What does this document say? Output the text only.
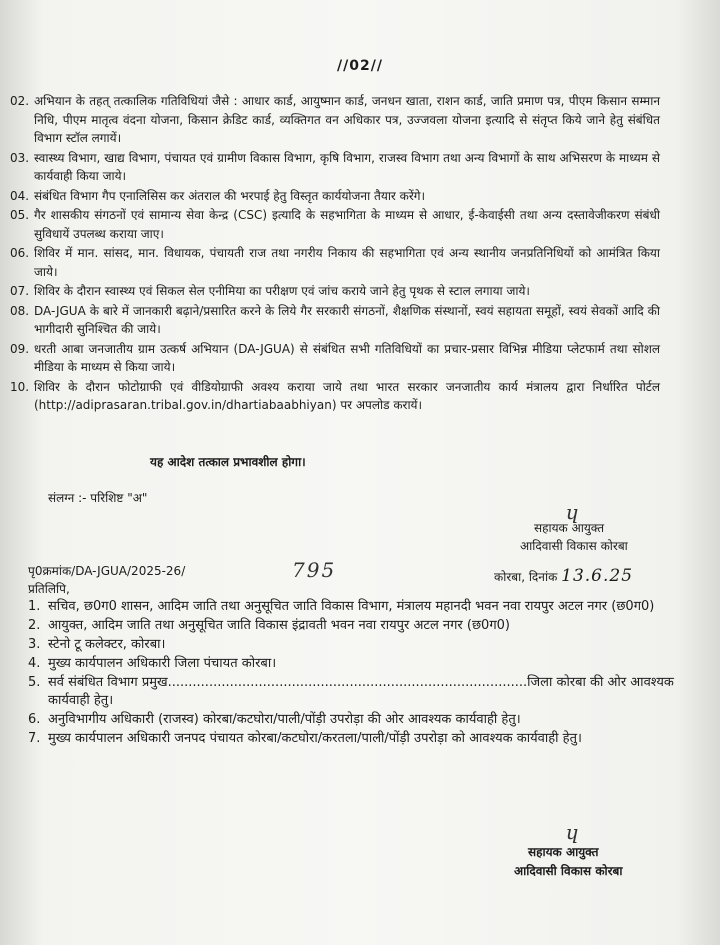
//02//
02. अभियान के तहत् तत्कालिक गतिविधियां जैसे : आधार कार्ड, आयुष्मान कार्ड, जनधन खाता, राशन कार्ड, जाति प्रमाण पत्र, पीएम किसान सम्मान निधि, पीएम मातृत्व वंदना योजना, किसान क्रेडिट कार्ड, व्यक्तिगत वन अधिकार पत्र, उज्जवला योजना इत्यादि से संतृप्त किये जाने हेतु संबंधित विभाग स्टॉल लगायें।
03. स्वास्थ्य विभाग, खाद्य विभाग, पंचायत एवं ग्रामीण विकास विभाग, कृषि विभाग, राजस्व विभाग तथा अन्य विभागों के साथ अभिसरण के माध्यम से कार्यवाही किया जाये।
04. संबंधित विभाग गैप एनालिसिस कर अंतराल की भरपाई हेतु विस्तृत कार्ययोजना तैयार करेंगे।
05. गैर शासकीय संगठनों एवं सामान्य सेवा केन्द्र (CSC) इत्यादि के सहभागिता के माध्यम से आधार, ई-केवाईसी तथा अन्य दस्तावेजीकरण संबंधी सुविधायें उपलब्ध कराया जाए।
06. शिविर में मान. सांसद, मान. विधायक, पंचायती राज तथा नगरीय निकाय की सहभागिता एवं अन्य स्थानीय जनप्रतिनिधियों को आमंत्रित किया जाये।
07. शिविर के दौरान स्वास्थ्य एवं सिकल सेल एनीमिया का परीक्षण एवं जांच कराये जाने हेतु पृथक से स्टाल लगाया जाये।
08. DA-JGUA के बारे में जानकारी बढ़ाने/प्रसारित करने के लिये गैर सरकारी संगठनों, शैक्षणिक संस्थानों, स्वयं सहायता समूहों, स्वयं सेवकों आदि की भागीदारी सुनिश्चित की जाये।
09. धरती आबा जनजातीय ग्राम उत्कर्ष अभियान (DA-JGUA) से संबंधित सभी गतिविधियों का प्रचार-प्रसार विभिन्न मीडिया प्लेटफार्म तथा सोशल मीडिया के माध्यम से किया जाये।
10. शिविर के दौरान फोटोग्राफी एवं वीडियोग्राफी अवश्य कराया जाये तथा भारत सरकार जनजातीय कार्य मंत्रालय द्वारा निर्धारित पोर्टल (http://adiprasaran.tribal.gov.in/dhartiabaabhiyan) पर अपलोड करायें।
यह आदेश तत्काल प्रभावशील होगा।
संलग्न :- परिशिष्ट "अ"
ɥ
सहायक आयुक्त
आदिवासी विकास कोरबा
पृ0क्रमांक/DA-JGUA/2025-26/	795	कोरबा, दिनांक 13.6.25
प्रतिलिपि,
1. सचिव, छ0ग0 शासन, आदिम जाति तथा अनुसूचित जाति विकास विभाग, मंत्रालय महानदी भवन नवा रायपुर अटल नगर (छ0ग0)
2. आयुक्त, आदिम जाति तथा अनुसूचित जाति विकास इंद्रावती भवन नवा रायपुर अटल नगर (छ0ग0)
3. स्टेनो टू कलेक्टर, कोरबा।
4. मुख्य कार्यपालन अधिकारी जिला पंचायत कोरबा।
5. सर्व संबंधित विभाग प्रमुख.......................................................................................जिला कोरबा की ओर आवश्यक कार्यवाही हेतु।
6. अनुविभागीय अधिकारी (राजस्व) कोरबा/कटघोरा/पाली/पोंड़ी उपरोड़ा की ओर आवश्यक कार्यवाही हेतु।
7. मुख्य कार्यपालन अधिकारी जनपद पंचायत कोरबा/कटघोरा/करतला/पाली/पोंड़ी उपरोड़ा को आवश्यक कार्यवाही हेतु।
ɥ
सहायक आयुक्त
आदिवासी विकास कोरबा
